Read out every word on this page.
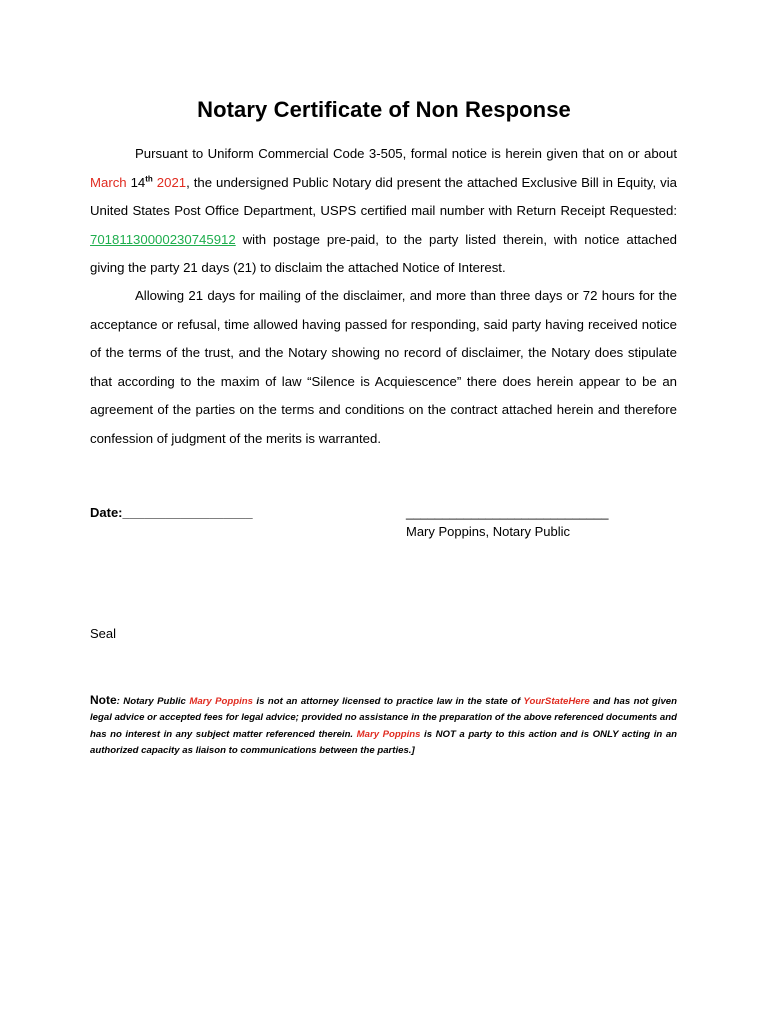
Notary Certificate of Non Response
Pursuant to Uniform Commercial Code 3-505, formal notice is herein given that on or about March 14th 2021, the undersigned Public Notary did present the attached Exclusive Bill in Equity, via United States Post Office Department, USPS certified mail number with Return Receipt Requested: 70181130000230745912 with postage pre-paid, to the party listed therein, with notice attached giving the party 21 days (21) to disclaim the attached Notice of Interest.
Allowing 21 days for mailing of the disclaimer, and more than three days or 72 hours for the acceptance or refusal, time allowed having passed for responding, said party having received notice of the terms of the trust, and the Notary showing no record of disclaimer, the Notary does stipulate that according to the maxim of law “Silence is Acquiescence” there does herein appear to be an agreement of the parties on the terms and conditions on the contract attached herein and therefore confession of judgment of the merits is warranted.
Date:__________________	____________________________
Mary Poppins, Notary Public
Seal
Note: Notary Public Mary Poppins is not an attorney licensed to practice law in the state of YourStateHere and has not given legal advice or accepted fees for legal advice; provided no assistance in the preparation of the above referenced documents and has no interest in any subject matter referenced therein. Mary Poppins is NOT a party to this action and is ONLY acting in an authorized capacity as liaison to communications between the parties.]
